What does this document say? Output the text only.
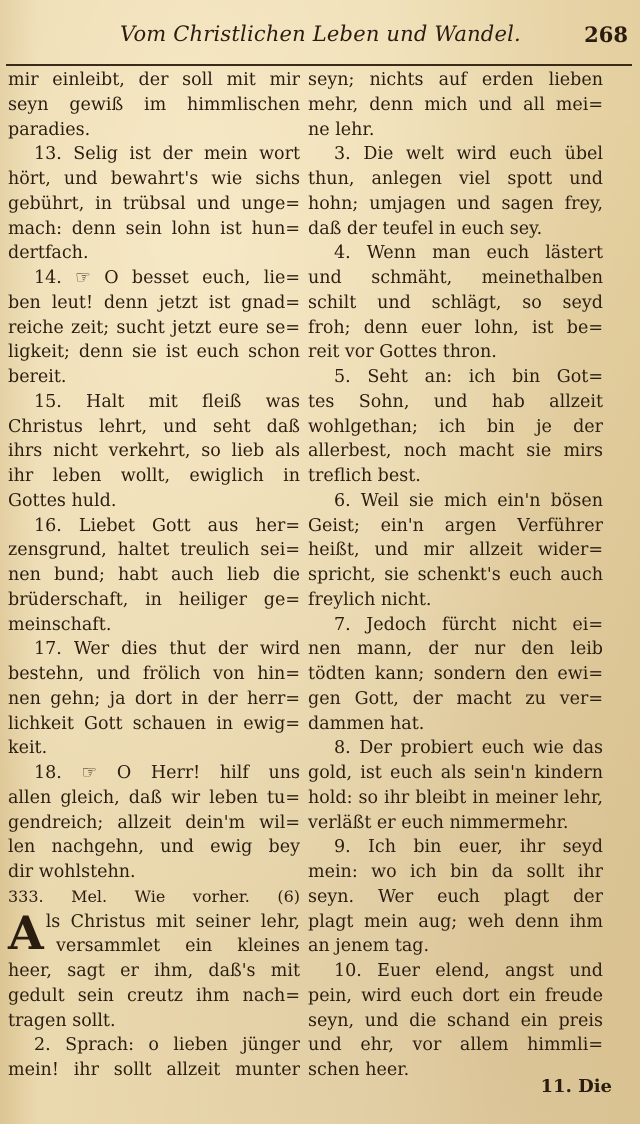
Vom Christlichen Leben und Wandel.	268
mir einleibt, der soll mit mir
seyn gewiß im himmlischen
paradies.
13. Selig ist der mein wort
hört, und bewahrt's wie sichs
gebührt, in trübsal und unge=
mach: denn sein lohn ist hun=
dertfach.
14. ☞ O besset euch, lie=
ben leut! denn jetzt ist gnad=
reiche zeit; sucht jetzt eure se=
ligkeit; denn sie ist euch schon
bereit.
15. Halt mit fleiß was
Christus lehrt, und seht daß
ihrs nicht verkehrt, so lieb als
ihr leben wollt, ewiglich in
Gottes huld.
16. Liebet Gott aus her=
zensgrund, haltet treulich sei=
nen bund; habt auch lieb die
brüderschaft, in heiliger ge=
meinschaft.
17. Wer dies thut der wird
bestehn, und frölich von hin=
nen gehn; ja dort in der herr=
lichkeit Gott schauen in ewig=
keit.
18. ☞ O Herr! hilf uns
allen gleich, daß wir leben tu=
gendreich; allzeit dein'm wil=
len nachgehn, und ewig bey
dir wohlstehn.
333. Mel. Wie vorher. (6)
Als Christus mit seiner lehr,
versammlet ein kleines
heer, sagt er ihm, daß's mit
gedult sein creutz ihm nach=
tragen sollt.
2. Sprach: o lieben jünger
mein! ihr sollt allzeit munter
seyn; nichts auf erden lieben
mehr, denn mich und all mei=
ne lehr.
3. Die welt wird euch übel
thun, anlegen viel spott und
hohn; umjagen und sagen frey,
daß der teufel in euch sey.
4. Wenn man euch lästert
und schmäht, meinethalben
schilt und schlägt, so seyd
froh; denn euer lohn, ist be=
reit vor Gottes thron.
5. Seht an: ich bin Got=
tes Sohn, und hab allzeit
wohlgethan; ich bin je der
allerbest, noch macht sie mirs
treflich best.
6. Weil sie mich ein'n bösen
Geist; ein'n argen Verführer
heißt, und mir allzeit wider=
spricht, sie schenkt's euch auch
freylich nicht.
7. Jedoch fürcht nicht ei=
nen mann, der nur den leib
tödten kann; sondern den ewi=
gen Gott, der macht zu ver=
dammen hat.
8. Der probiert euch wie das
gold, ist euch als sein'n kindern
hold: so ihr bleibt in meiner lehr,
verläßt er euch nimmermehr.
9. Ich bin euer, ihr seyd
mein: wo ich bin da sollt ihr
seyn. Wer euch plagt der
plagt mein aug; weh denn ihm
an jenem tag.
10. Euer elend, angst und
pein, wird euch dort ein freude
seyn, und die schand ein preis
und ehr, vor allem himmli=
schen heer.
11. Die
